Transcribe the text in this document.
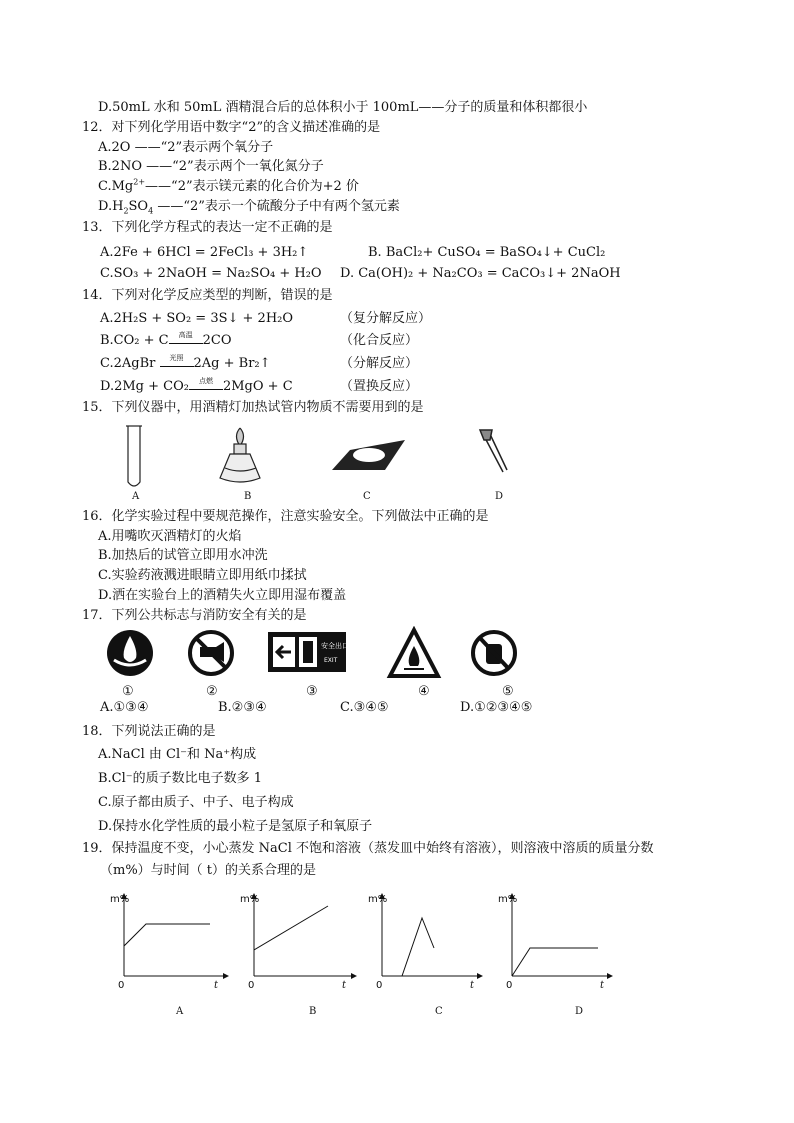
D.50mL 水和 50mL 酒精混合后的总体积小于 100mL——分子的质量和体积都很小
12．对下列化学用语中数字“2”的含义描述准确的是
A.2O ——“2”表示两个氧分子
B.2NO ——“2”表示两个一氧化氮分子
$C.Mg^{2+}——“2$”表示镁元素的化合价为+2 价
$D.H_2SO_4$ ——“2”表示一个硫酸分子中有两个氢元素
13．下列化学方程式的表达一定不正确的是
A.2Fe + 6HCl = 2FeCl₃ + 3H₂↑	B. BaCl₂+ CuSO₄ = BaSO₄↓+ CuCl₂
C.SO₃ + 2NaOH = Na₂SO₄ + H₂O D. Ca(OH)₂ + Na₂CO₃ = CaCO₃↓+ 2NaOH
14．下列对化学反应类型的判断，错误的是
A.2H₂S + SO₂ = 3S↓ + 2H₂O	（复分解反应）
B.CO₂ + C	高温 2CO	（化合反应）
C.2AgBr	光照 2Ag + Br₂↑	（分解反应）
D.2Mg + CO₂	点燃 2MgO + C	（置换反应）
15．下列仪器中，用酒精灯加热试管内物质不需要用到的是
A	B	C	D
16．化学实验过程中要规范操作，注意实验安全。下列做法中正确的是
A.用嘴吹灭酒精灯的火焰
B.加热后的试管立即用水冲洗
C.实验药液溅进眼睛立即用纸巾揉拭
D.洒在实验台上的酒精失火立即用湿布覆盖
17．下列公共标志与消防安全有关的是
安全出口
EXIT
①	②	③	④	⑤
A.①③④	B.②③④	C.③④⑤	D.①②③④⑤
18．下列说法正确的是
A.NaCl 由 Cl⁻和 Na⁺构成
B.Cl⁻的质子数比电子数多 1
C.原子都由质子、中子、电子构成
D.保持水化学性质的最小粒子是氢原子和氧原子
19．保持温度不变，小心蒸发 NaCl 不饱和溶液（蒸发皿中始终有溶液），则溶液中溶质的质量分数
（m%）与时间（ t）的关系合理的是
m%	m%	m%	m%
0	0	0	0
t	t	t	t
A	B	C	D
